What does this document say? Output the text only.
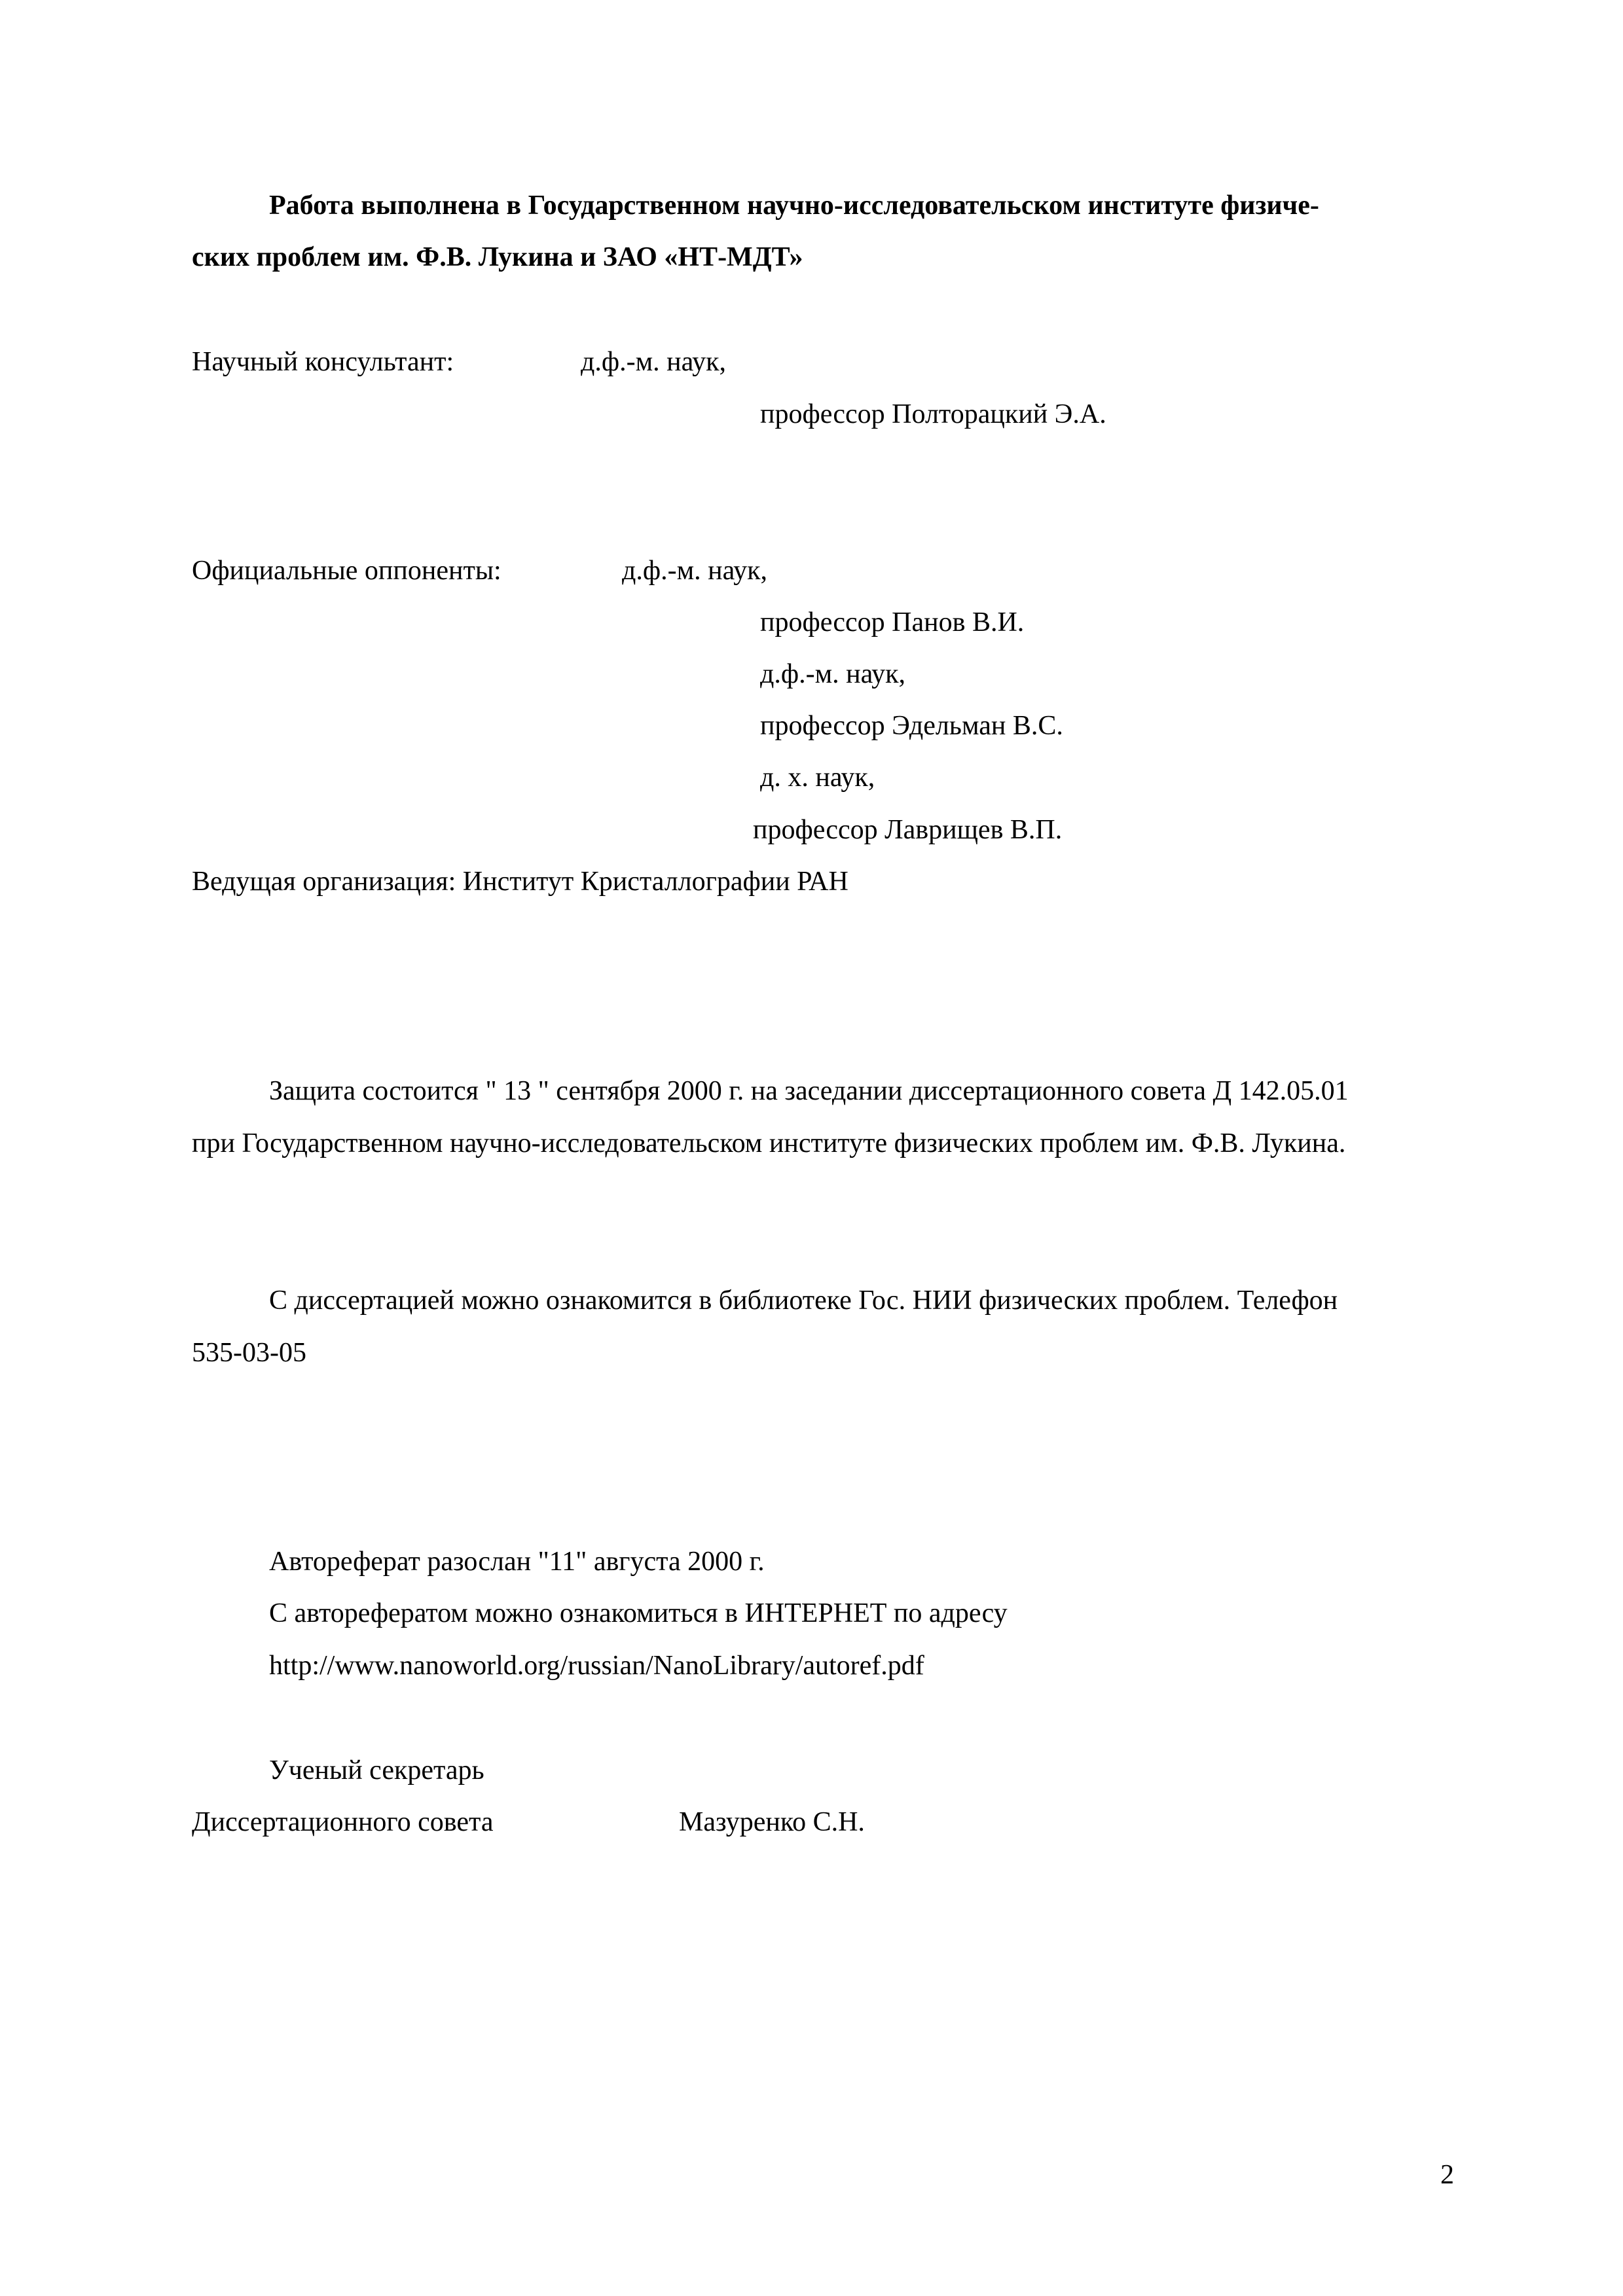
Работа выполнена в Государственном научно-исследовательском институте физиче-
ских проблем им. Ф.В. Лукина и ЗАО «НТ-МДТ»
Научный консультант:	д.ф.-м. наук,
профессор Полторацкий Э.А.
Официальные оппоненты:	д.ф.-м. наук,
профессор Панов В.И.
д.ф.-м. наук,
профессор Эдельман В.С.
д. х. наук,
профессор Лаврищев В.П.
Ведущая организация: Институт Кристаллографии РАН
Защита состоится " 13 " сентября 2000 г. на заседании диссертационного совета Д 142.05.01
при Государственном научно-исследовательском институте физических проблем им. Ф.В. Лукина.
С диссертацией можно ознакомится в библиотеке Гос. НИИ физических проблем. Телефон
535-03-05
Автореферат разослан "11" августа 2000 г.
С авторефератом можно ознакомиться в ИНТЕРНЕТ по адресу
http://www.nanoworld.org/russian/NanoLibrary/autoref.pdf
Ученый секретарь
Диссертационного совета	Мазуренко С.Н.
2
